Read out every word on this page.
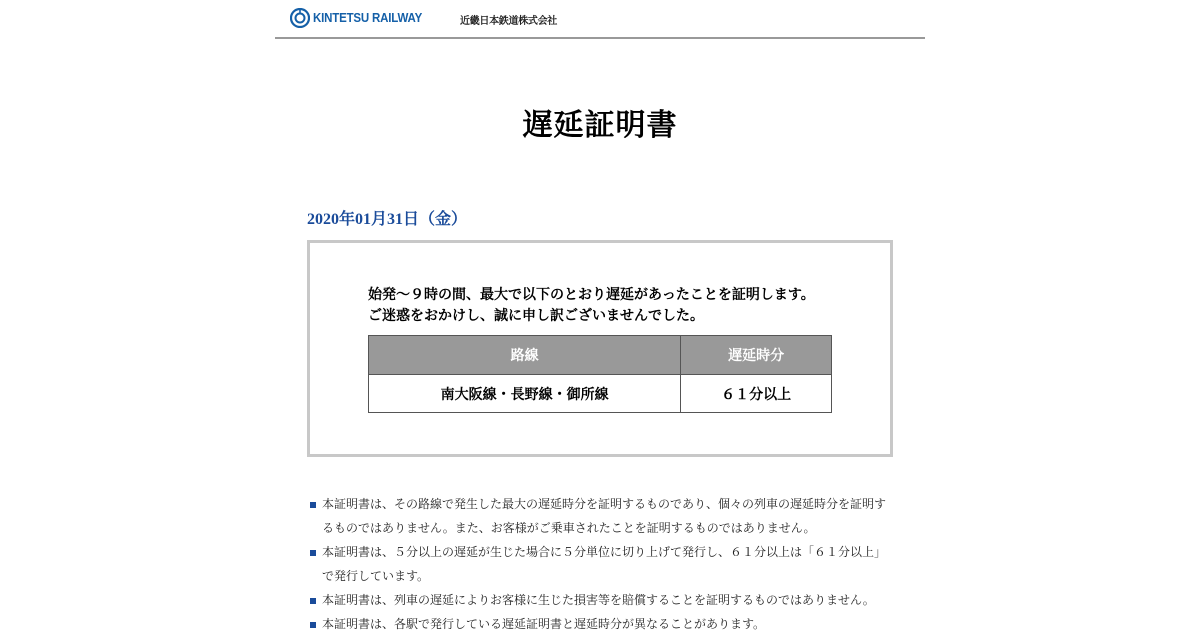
KINTETSU RAILWAY	近畿日本鉄道株式会社
遅延証明書
2020年01月31日（金）
始発～９時の間、最大で以下のとおり遅延があったことを証明します。
ご迷惑をおかけし、誠に申し訳ございませんでした。
路線	遅延時分
南大阪線・長野線・御所線	６１分以上
本証明書は、その路線で発生した最大の遅延時分を証明するものであり、個々の列車の遅延時分を証明するものではありません。また、お客様がご乗車されたことを証明するものではありません。
本証明書は、５分以上の遅延が生じた場合に５分単位に切り上げて発行し、６１分以上は「６１分以上」で発行しています。
本証明書は、列車の遅延によりお客様に生じた損害等を賠償することを証明するものではありません。
本証明書は、各駅で発行している遅延証明書と遅延時分が異なることがあります。
